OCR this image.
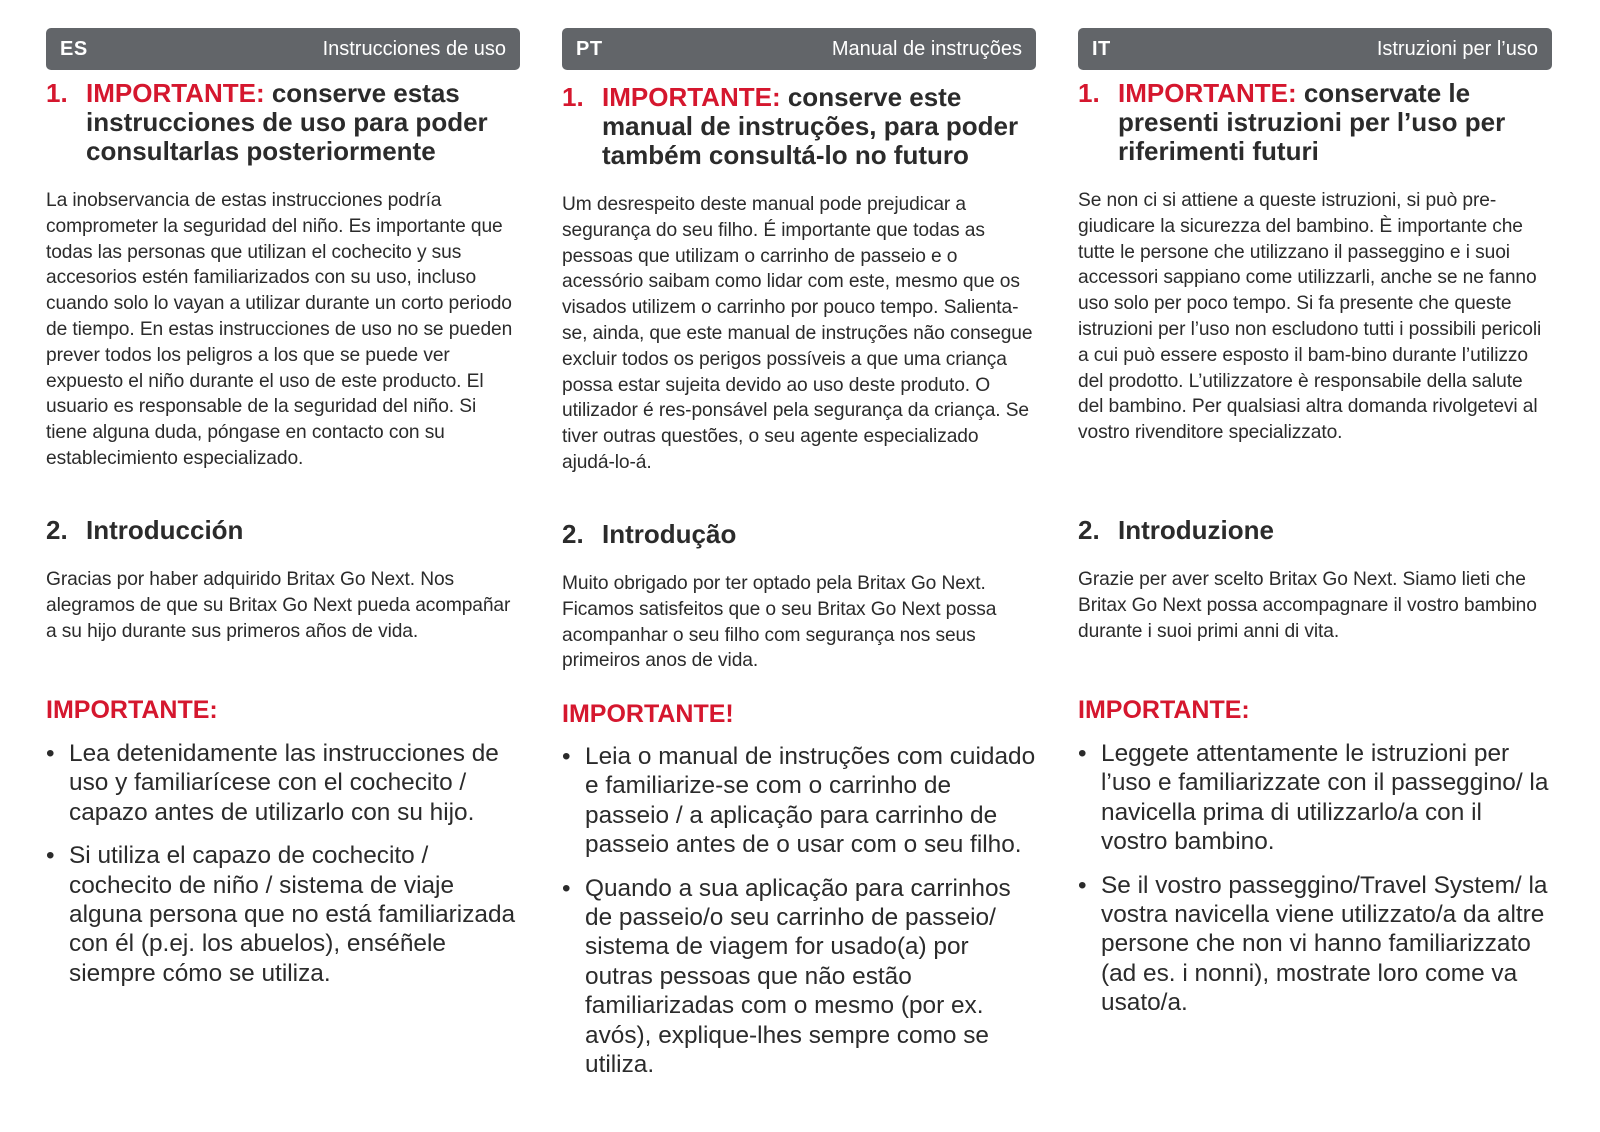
ES	Instrucciones de uso
1. IMPORTANTE: conserve estas instrucciones de uso para poder consultarlas posteriormente

La inobservancia de estas instrucciones podría comprometer la seguridad del niño. Es importante que todas las personas que utilizan el cochecito y sus accesorios estén familiarizados con su uso, incluso cuando solo lo vayan a utilizar durante un corto periodo de tiempo. En estas instrucciones de uso no se pueden prever todos los peligros a los que se puede ver expuesto el niño durante el uso de este producto. El usuario es responsable de la seguridad del niño. Si tiene alguna duda, póngase en contacto con su establecimiento especializado.

2. Introducción

Gracias por haber adquirido Britax Go Next. Nos alegramos de que su Britax Go Next pueda acompañar a su hijo durante sus primeros años de vida.

IMPORTANTE:
• Lea detenidamente las instrucciones de uso y familiarícese con el cochecito / capazo antes de utilizarlo con su hijo.
• Si utiliza el capazo de cochecito / cochecito de niño / sistema de viaje alguna persona que no está familiarizada con él (p.ej. los abuelos), enséñele siempre cómo se utiliza.
PT	Manual de instruções
1. IMPORTANTE: conserve este manual de instruções, para poder também consultá-lo no futuro

Um desrespeito deste manual pode prejudicar a segurança do seu filho. É importante que todas as pessoas que utilizam o carrinho de passeio e o acessório saibam como lidar com este, mesmo que os visados utilizem o carrinho por pouco tempo. Salienta-se, ainda, que este manual de instruções não consegue excluir todos os perigos possíveis a que uma criança possa estar sujeita devido ao uso deste produto. O utilizador é res-ponsável pela segurança da criança. Se tiver outras questões, o seu agente especializado ajudá-lo-á.

2. Introdução

Muito obrigado por ter optado pela Britax Go Next. Ficamos satisfeitos que o seu Britax Go Next possa acompanhar o seu filho com segurança nos seus primeiros anos de vida.

IMPORTANTE!
• Leia o manual de instruções com cuidado e familiarize-se com o carrinho de passeio / a aplicação para carrinho de passeio antes de o usar com o seu filho.
• Quando a sua aplicação para carrinhos de passeio/o seu carrinho de passeio/ sistema de viagem for usado(a) por outras pessoas que não estão familiarizadas com o mesmo (por ex. avós), explique-lhes sempre como se utiliza.
IT	Istruzioni per l’uso
1. IMPORTANTE: conservate le presenti istruzioni per l’uso per riferimenti futuri

Se non ci si attiene a queste istruzioni, si può pre-giudicare la sicurezza del bambino. È importante che tutte le persone che utilizzano il passeggino e i suoi accessori sappiano come utilizzarli, anche se ne fanno uso solo per poco tempo. Si fa presente che queste istruzioni per l’uso non escludono tutti i possibili pericoli a cui può essere esposto il bam-bino durante l’utilizzo del prodotto. L’utilizzatore è responsabile della salute del bambino. Per qualsiasi altra domanda rivolgetevi al vostro rivenditore specializzato.

2. Introduzione

Grazie per aver scelto Britax Go Next. Siamo lieti che Britax Go Next possa accompagnare il vostro bambino durante i suoi primi anni di vita.

IMPORTANTE:
• Leggete attentamente le istruzioni per l’uso e familiarizzate con il passeggino/ la navicella prima di utilizzarlo/a con il vostro bambino.
• Se il vostro passeggino/Travel System/ la vostra navicella viene utilizzato/a da altre persone che non vi hanno familiarizzato (ad es. i nonni), mostrate loro come va usato/a.
